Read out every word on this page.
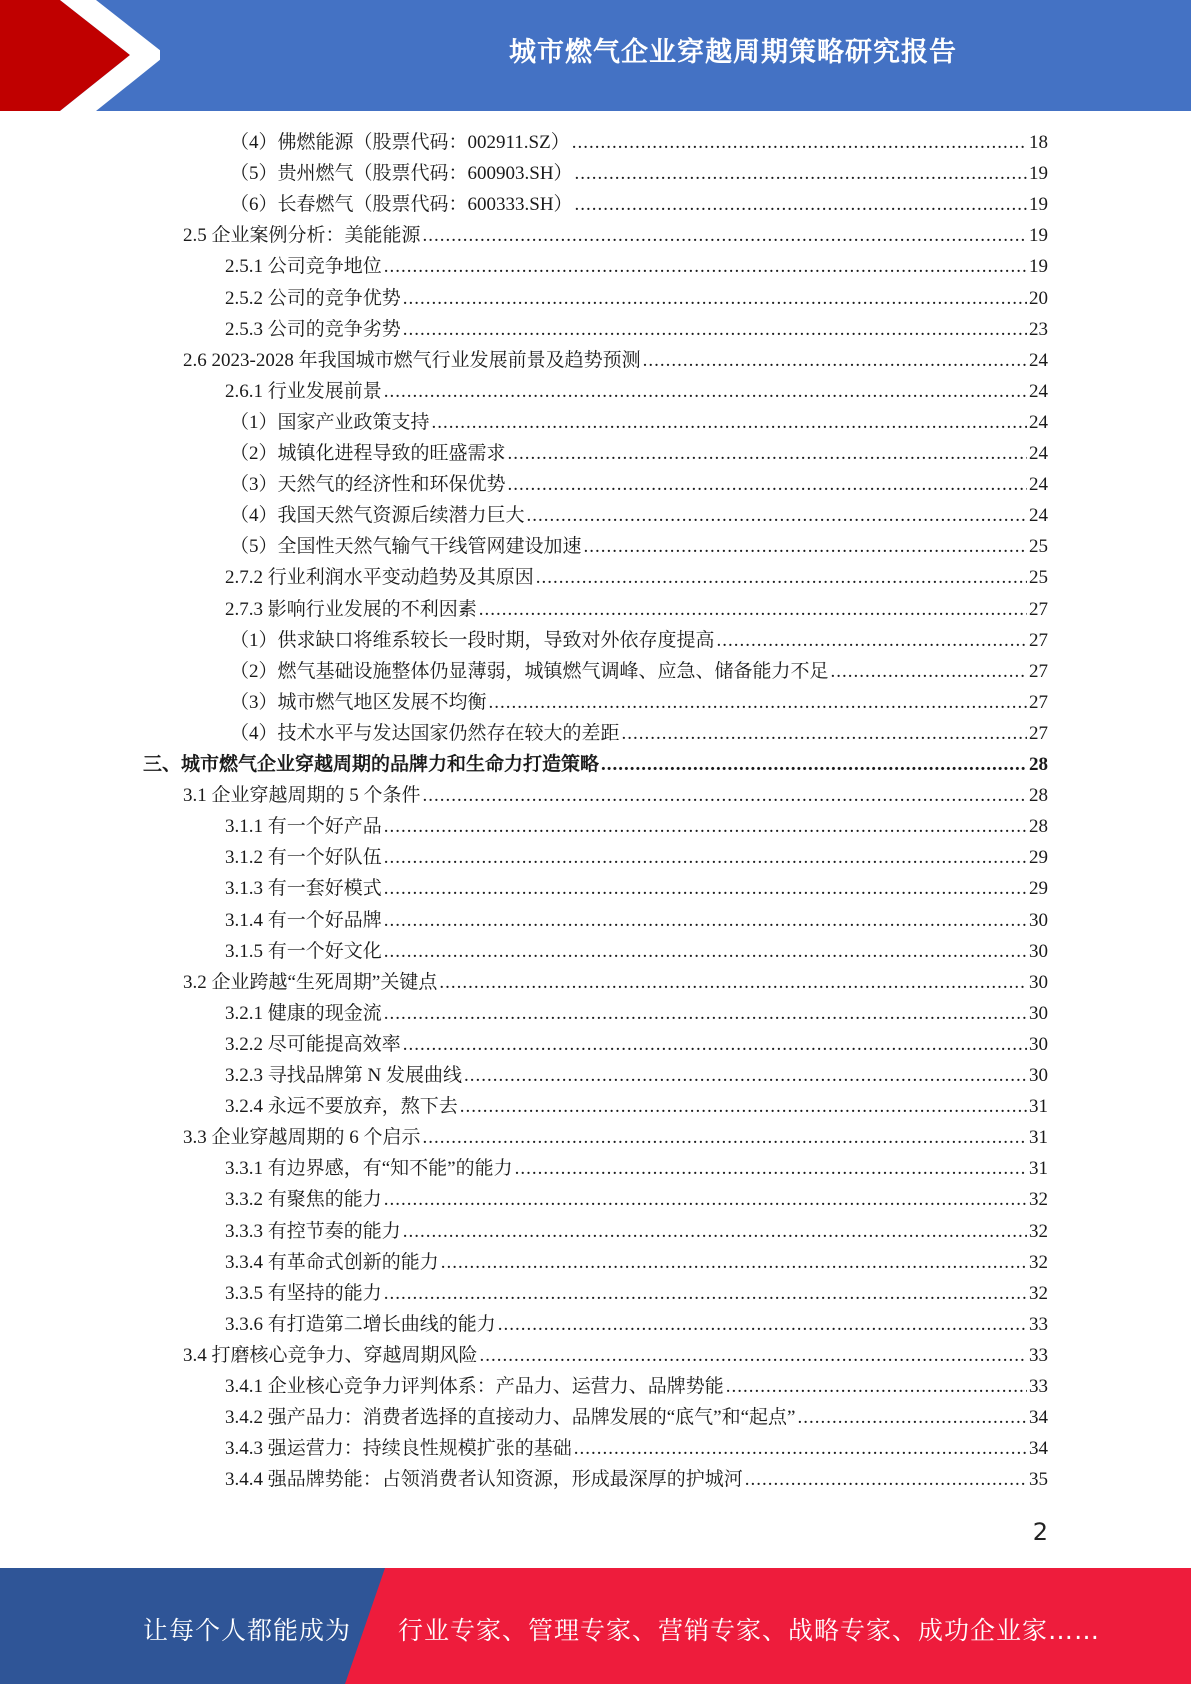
城市燃气企业穿越周期策略研究报告
（4）佛燃能源（股票代码：002911.SZ） .....	18
（5）贵州燃气（股票代码：600903.SH） .....	19
（6）长春燃气（股票代码：600333.SH） .....	19
2.5 企业案例分析：美能能源 .....	19
2.5.1 公司竞争地位 .....	19
2.5.2 公司的竞争优势 .....	20
2.5.3 公司的竞争劣势 .....	23
2.6 2023-2028 年我国城市燃气行业发展前景及趋势预测 .....	24
2.6.1 行业发展前景 .....	24
（1）国家产业政策支持 .....	24
（2）城镇化进程导致的旺盛需求 .....	24
（3）天然气的经济性和环保优势 .....	24
（4）我国天然气资源后续潜力巨大 .....	24
（5）全国性天然气输气干线管网建设加速 .....	25
2.7.2 行业利润水平变动趋势及其原因 .....	25
2.7.3 影响行业发展的不利因素 .....	27
（1）供求缺口将维系较长一段时期，导致对外依存度提高 .....	27
（2）燃气基础设施整体仍显薄弱，城镇燃气调峰、应急、储备能力不足 .....	27
（3）城市燃气地区发展不均衡 .....	27
（4）技术水平与发达国家仍然存在较大的差距 .....	27
三、城市燃气企业穿越周期的品牌力和生命力打造策略 .....	28
3.1 企业穿越周期的 5 个条件 .....	28
3.1.1 有一个好产品 .....	28
3.1.2 有一个好队伍 .....	29
3.1.3 有一套好模式 .....	29
3.1.4 有一个好品牌 .....	30
3.1.5 有一个好文化 .....	30
3.2 企业跨越“生死周期”关键点 .....	30
3.2.1 健康的现金流 .....	30
3.2.2 尽可能提高效率 .....	30
3.2.3 寻找品牌第 N 发展曲线 .....	30
3.2.4 永远不要放弃，熬下去 .....	31
3.3 企业穿越周期的 6 个启示 .....	31
3.3.1 有边界感，有“知不能”的能力 .....	31
3.3.2 有聚焦的能力 .....	32
3.3.3 有控节奏的能力 .....	32
3.3.4 有革命式创新的能力 .....	32
3.3.5 有坚持的能力 .....	32
3.3.6 有打造第二增长曲线的能力 .....	33
3.4 打磨核心竞争力、穿越周期风险 .....	33
3.4.1 企业核心竞争力评判体系：产品力、运营力、品牌势能 .....	33
3.4.2 强产品力：消费者选择的直接动力、品牌发展的“底气”和“起点” .....	34
3.4.3 强运营力：持续良性规模扩张的基础 .....	34
3.4.4 强品牌势能：占领消费者认知资源，形成最深厚的护城河 .....	35
2
让每个人都能成为 行业专家、管理专家、营销专家、战略专家、成功企业家……
